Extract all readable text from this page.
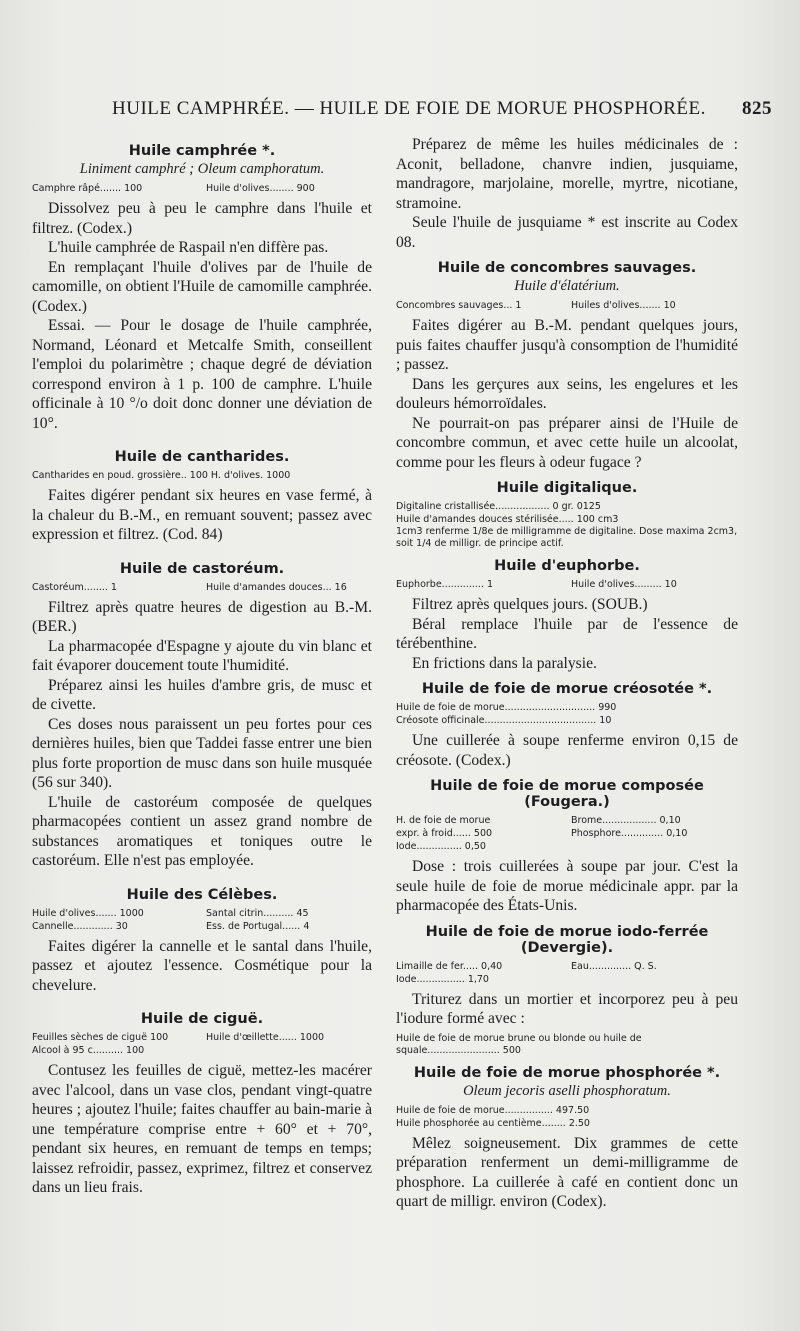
HUILE CAMPHRÉE. — HUILE DE FOIE DE MORUE PHOSPHORÉE. 825
Huile camphrée *.
Liniment camphré ; Oleum camphoratum.
Camphre râpé....... 100	Huile d'olives........ 900

Dissolvez peu à peu le camphre dans l'huile et filtrez. (Codex.)

L'huile camphrée de Raspail n'en diffère pas.

En remplaçant l'huile d'olives par de l'huile de camomille, on obtient l'Huile de camomille camphrée. (Codex.)

Essai. — Pour le dosage de l'huile camphrée, Normand, Léonard et Metcalfe Smith, conseillent l'emploi du polarimètre ; chaque degré de déviation correspond environ à 1 p. 100 de camphre. L'huile officinale à 10 °/o doit donc donner une déviation de 10°.

Huile de cantharides.
Cantharides en poud. grossière.. 100 H. d'olives. 1000

Faites digérer pendant six heures en vase fermé, à la chaleur du B.-M., en remuant souvent; passez avec expression et filtrez. (Cod. 84)

Huile de castoréum.
Castoréum........ 1	Huile d'amandes douces... 16

Filtrez après quatre heures de digestion au B.-M. (BER.)

La pharmacopée d'Espagne y ajoute du vin blanc et fait évaporer doucement toute l'humidité.

Préparez ainsi les huiles d'ambre gris, de musc et de civette.

Ces doses nous paraissent un peu fortes pour ces dernières huiles, bien que Taddei fasse entrer une bien plus forte proportion de musc dans son huile musquée (56 sur 340).

L'huile de castoréum composée de quelques pharmacopées contient un assez grand nombre de substances aromatiques et toniques outre le castoréum. Elle n'est pas employée.

Huile des Célèbes.
Huile d'olives....... 1000	Santal citrin.......... 45
Cannelle............. 30	Ess. de Portugal...... 4

Faites digérer la cannelle et le santal dans l'huile, passez et ajoutez l'essence. Cosmétique pour la chevelure.

Huile de ciguë.
Feuilles sèches de ciguë 100	Huile d'œillette...... 1000
Alcool à 95 c.......... 100

Contusez les feuilles de ciguë, mettez-les macérer avec l'alcool, dans un vase clos, pendant vingt-quatre heures ; ajoutez l'huile; faites chauffer au bain-marie à une température comprise entre + 60° et + 70°, pendant six heures, en remuant de temps en temps; laissez refroidir, passez, exprimez, filtrez et conservez dans un lieu frais.

Préparez de même les huiles médicinales de : Aconit, belladone, chanvre indien, jusquiame, mandragore, marjolaine, morelle, myrtre, nicotiane, stramoine.

Seule l'huile de jusquiame * est inscrite au Codex 08.

Huile de concombres sauvages.
Huile d'élatérium.
Concombres sauvages... 1	Huiles d'olives....... 10

Faites digérer au B.-M. pendant quelques jours, puis faites chauffer jusqu'à consomption de l'humidité ; passez.

Dans les gerçures aux seins, les engelures et les douleurs hémorroïdales.

Ne pourrait-on pas préparer ainsi de l'Huile de concombre commun, et avec cette huile un alcoolat, comme pour les fleurs à odeur fugace ?

Huile digitalique.
Digitaline cristallisée.................. 0 gr. 0125
Huile d'amandes douces stérilisée..... 100 cm3
1cm3 renferme 1/8e de milligramme de digitaline. Dose maxima 2cm3, soit 1/4 de milligr. de principe actif.
Huile d'euphorbe.
Euphorbe.............. 1	Huile d'olives......... 10

Filtrez après quelques jours. (SOUB.)

Béral remplace l'huile par de l'essence de térébenthine.

En frictions dans la paralysie.

Huile de foie de morue créosotée *.
Huile de foie de morue.............................. 990
Créosote officinale..................................... 10

Une cuillerée à soupe renferme environ 0,15 de créosote. (Codex.)

Huile de foie de morue composée (Fougera.)
H. de foie de morue	Brome.................. 0,10
expr. à froid...... 500	Phosphore.............. 0,10
Iode............... 0,50

Dose : trois cuillerées à soupe par jour. C'est la seule huile de foie de morue médicinale appr. par la pharmacopée des États-Unis.

Huile de foie de morue iodo-ferrée (Devergie).
Limaille de fer..... 0,40	Eau.............. Q. S.
Iode................ 1,70

Triturez dans un mortier et incorporez peu à peu l'iodure formé avec :

Huile de foie de morue brune ou blonde ou huile de squale........................ 500
Huile de foie de morue phosphorée *.
Oleum jecoris aselli phosphoratum.
Huile de foie de morue................ 497.50
Huile phosphorée au centième........ 2.50

Mêlez soigneusement. Dix grammes de cette préparation renferment un demi-milligramme de phosphore. La cuillerée à café en contient donc un quart de milligr. environ (Codex).
